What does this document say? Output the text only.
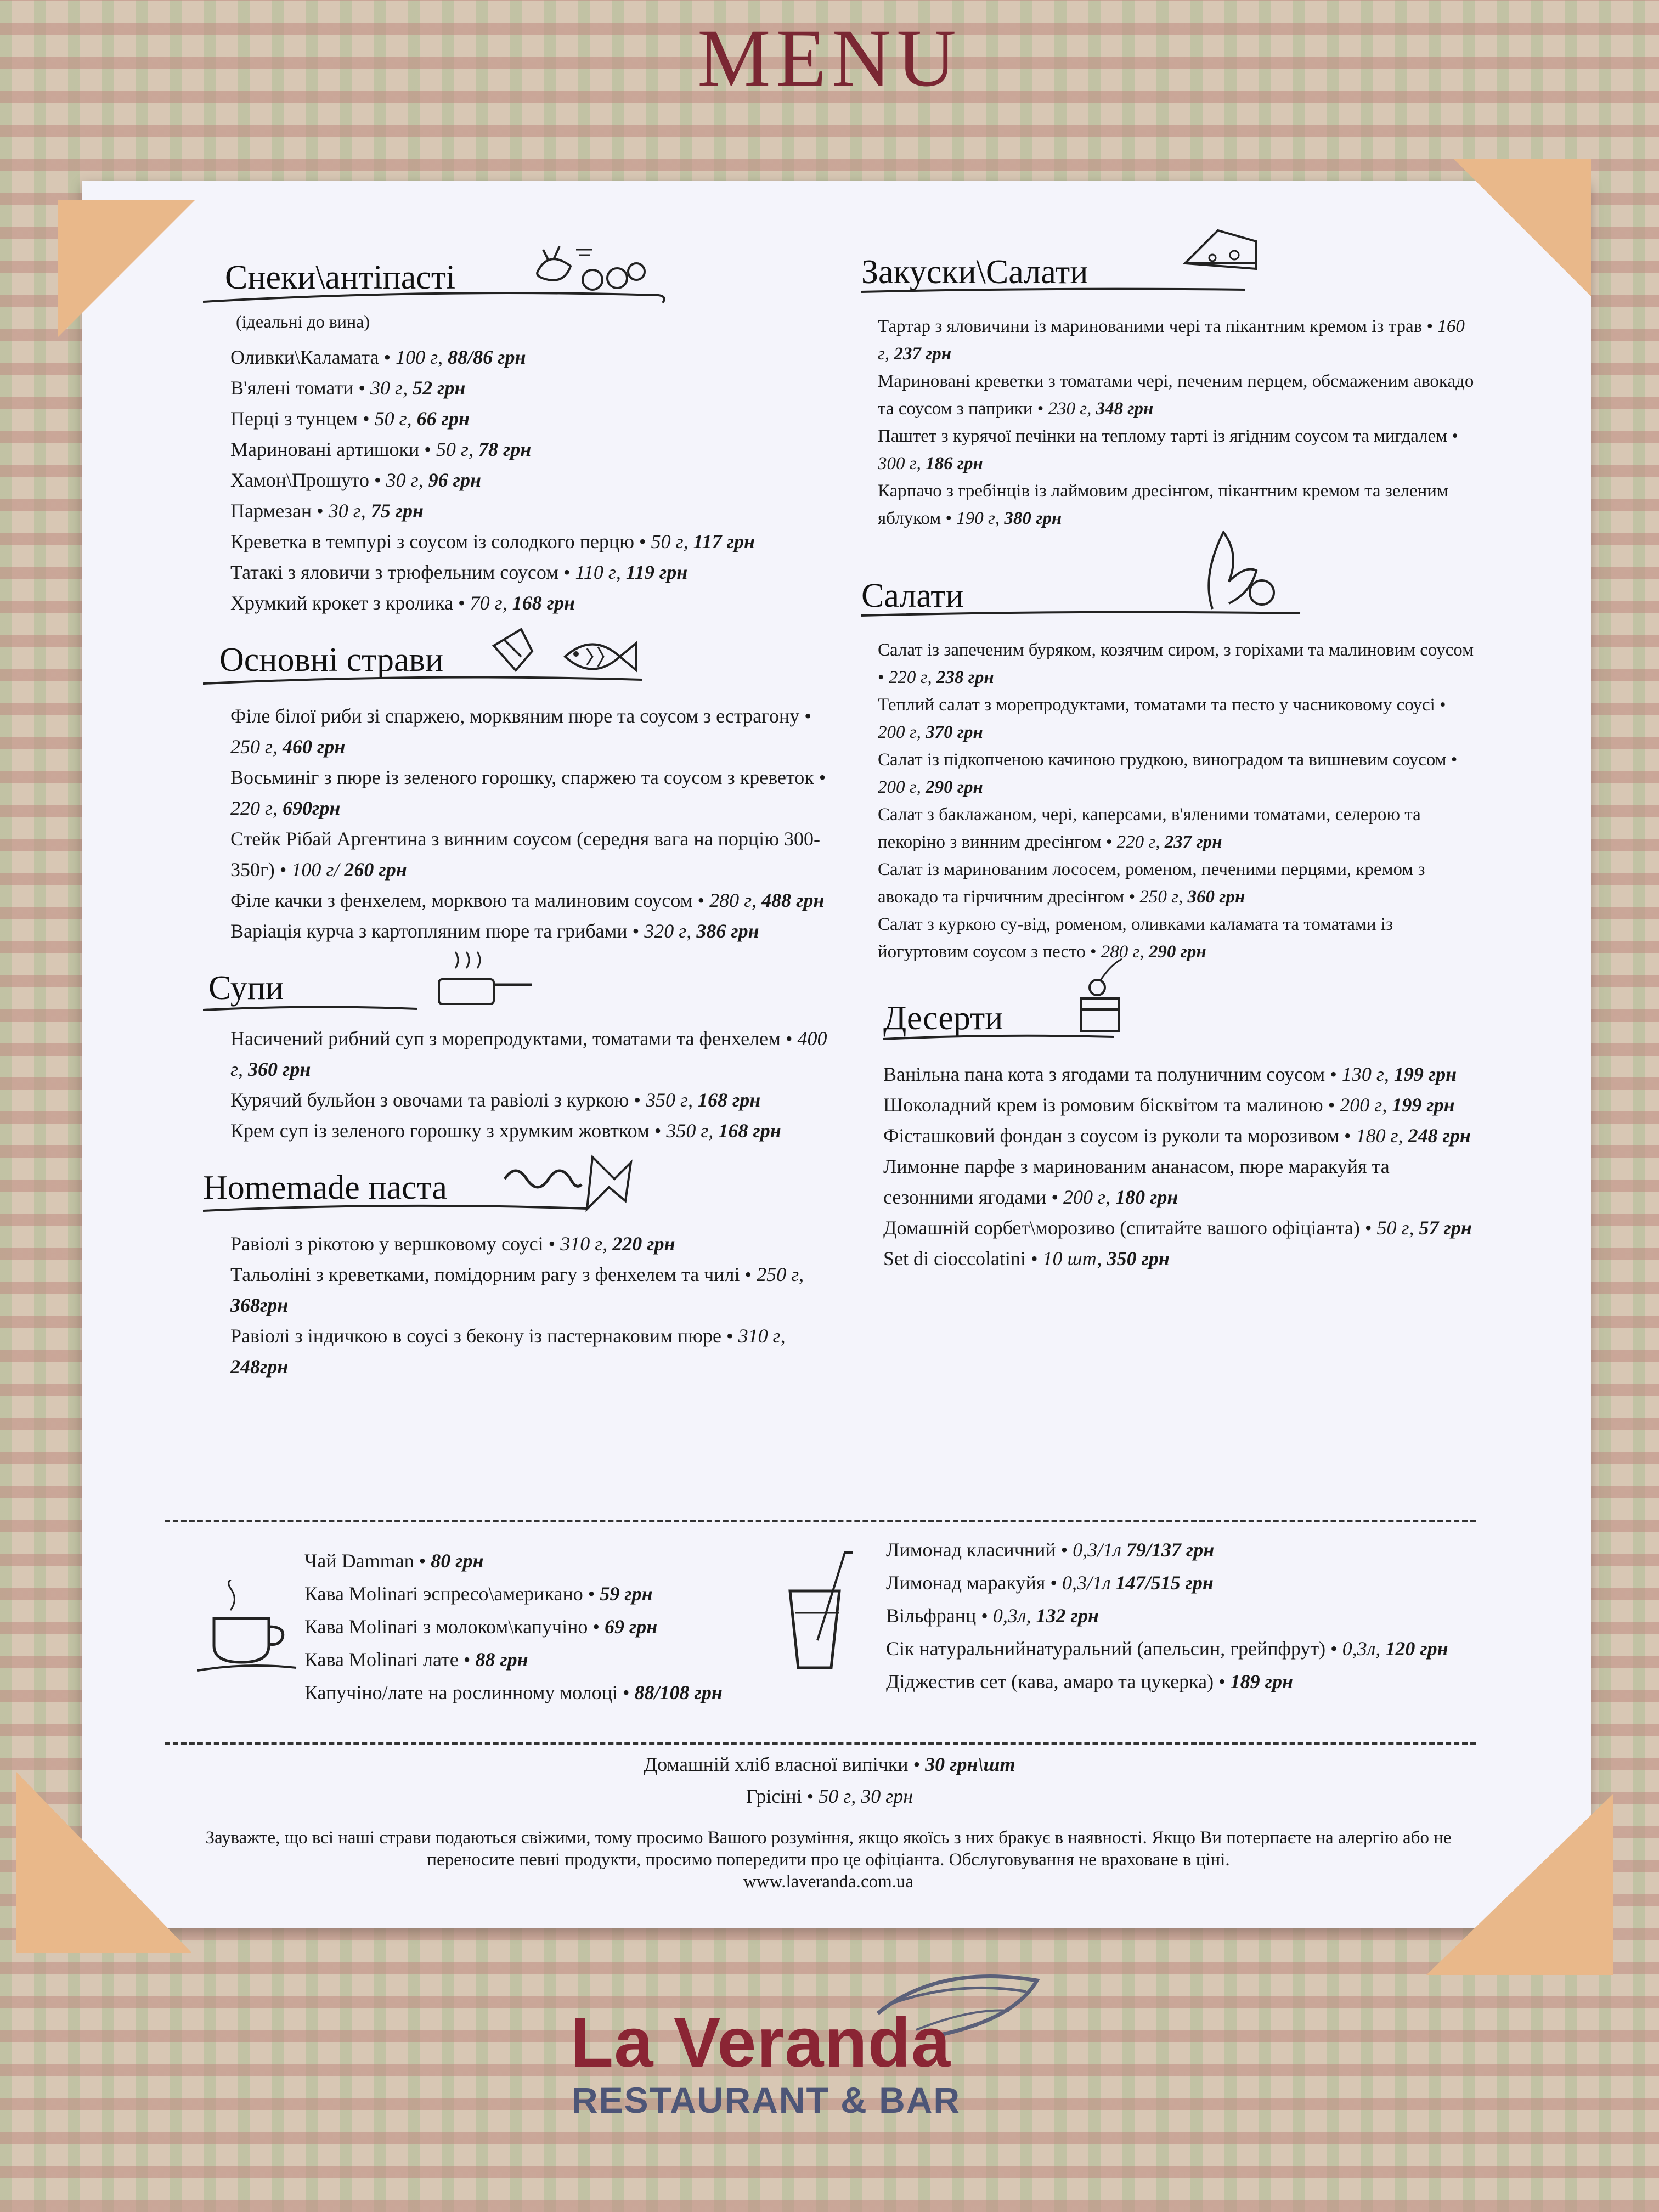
MENU
Снеки\антіпасті
(ідеальні до вина)
Оливки\Каламата • 100 г, 88/86 грн
В'ялені томати • 30 г, 52 грн
Перці з тунцем • 50 г, 66 грн
Мариновані артишоки • 50 г, 78 грн
Хамон\Прошуто • 30 г, 96 грн
Пармезан • 30 г, 75 грн
Креветка в темпурі з соусом із солодкого перцю • 50 г, 117 грн
Татакі з яловичи з трюфельним соусом • 110 г, 119 грн
Хрумкий крокет з кролика • 70 г, 168 грн
Основні страви
Філе білої риби зі спаржею, морквяним пюре та соусом з естрагону • 250 г, 460 грн
Восьминіг з пюре із зеленого горошку, спаржею та соусом з креветок • 220 г, 690грн
Стейк Рібай Аргентина з винним соусом (середня вага на порцію 300-350г) • 100 г/ 260 грн
Філе качки з фенхелем, морквою та малиновим соусом • 280 г, 488 грн
Варіація курча з картопляним пюре та грибами • 320 г, 386 грн
Супи
Насичений рибний суп з морепродуктами, томатами та фенхелем • 400 г, 360 грн
Курячий бульйон з овочами та равіолі з куркою • 350 г, 168 грн
Крем суп із зеленого горошку з хрумким жовтком • 350 г, 168 грн
Homemade паста
Равіолі з рікотою у вершковому соусі • 310 г, 220 грн
Тальоліні з креветками, помідорним рагу з фенхелем та чилі • 250 г, 368грн
Равіолі з індичкою в соусі з бекону із пастернаковим пюре • 310 г, 248грн
Закуски\Салати
Тартар з яловичини із маринованими чері та пікантним кремом із трав • 160 г, 237 грн
Мариновані креветки з томатами чері, печеним перцем, обсмаженим авокадо та соусом з паприки • 230 г, 348 грн
Паштет з курячої печінки на теплому тарті із ягідним соусом та мигдалем • 300 г, 186 грн
Карпачо з гребінців із лаймовим дресінгом, пікантним кремом та зеленим яблуком • 190 г, 380 грн
Салати
Салат із запеченим буряком, козячим сиром, з горіхами та малиновим соусом • 220 г, 238 грн
Теплий салат з морепродуктами, томатами та песто у часниковому соусі • 200 г, 370 грн
Салат із підкопченою качиною грудкою, виноградом та вишневим соусом • 200 г, 290 грн
Салат з баклажаном, чері, каперсами, в'яленими томатами, селерою та пекоріно з винним дресінгом • 220 г, 237 грн
Салат із маринованим лососем, роменом, печеними перцями, кремом з авокадо та гірчичним дресінгом • 250 г, 360 грн
Салат з куркою су-від, роменом, оливками каламата та томатами із йогуртовим соусом з песто • 280 г, 290 грн
Десерти
Ванільна пана кота з ягодами та полуничним соусом • 130 г, 199 грн
Шоколадний крем із ромовим бісквітом та малиною • 200 г, 199 грн
Фісташковий фондан з соусом із руколи та морозивом • 180 г, 248 грн
Лимонне парфе з маринованим ананасом, пюре маракуйя та сезонними ягодами • 200 г, 180 грн
Домашній сорбет\морозиво (спитайте вашого офіціанта) • 50 г, 57 грн
Set di cioccolatini • 10 шт, 350 грн
Чай Damman • 80 грн
Кава Molinari эспресо\американо • 59 грн
Кава Molinari з молоком\капучіно • 69 грн
Кава Molinari лате • 88 грн
Капучіно/лате на рослинному молоці • 88/108 грн
Лимонад класичний • 0,3/1л 79/137 грн
Лимонад маракуйя • 0,3/1л 147/515 грн
Вільфранц • 0,3л, 132 грн
Сік натуральнийнатуральний (апельсин, грейпфрут) • 0,3л, 120 грн
Діджестив сет (кава, амаро та цукерка) • 189 грн
Домашній хліб власної випічки • 30 грн\шт
Грісіні • 50 г, 30 грн
Зауважте, що всі наші страви подаються свіжими, тому просимо Вашого розуміння, якщо якоїсь з них бракує в наявності. Якщо Ви потерпаєте на алергію або не переносите певні продукти, просимо попередити про це офіціанта. Обслуговування не враховане в ціні.
www.laveranda.com.ua
La Veranda
RESTAURANT & BAR
